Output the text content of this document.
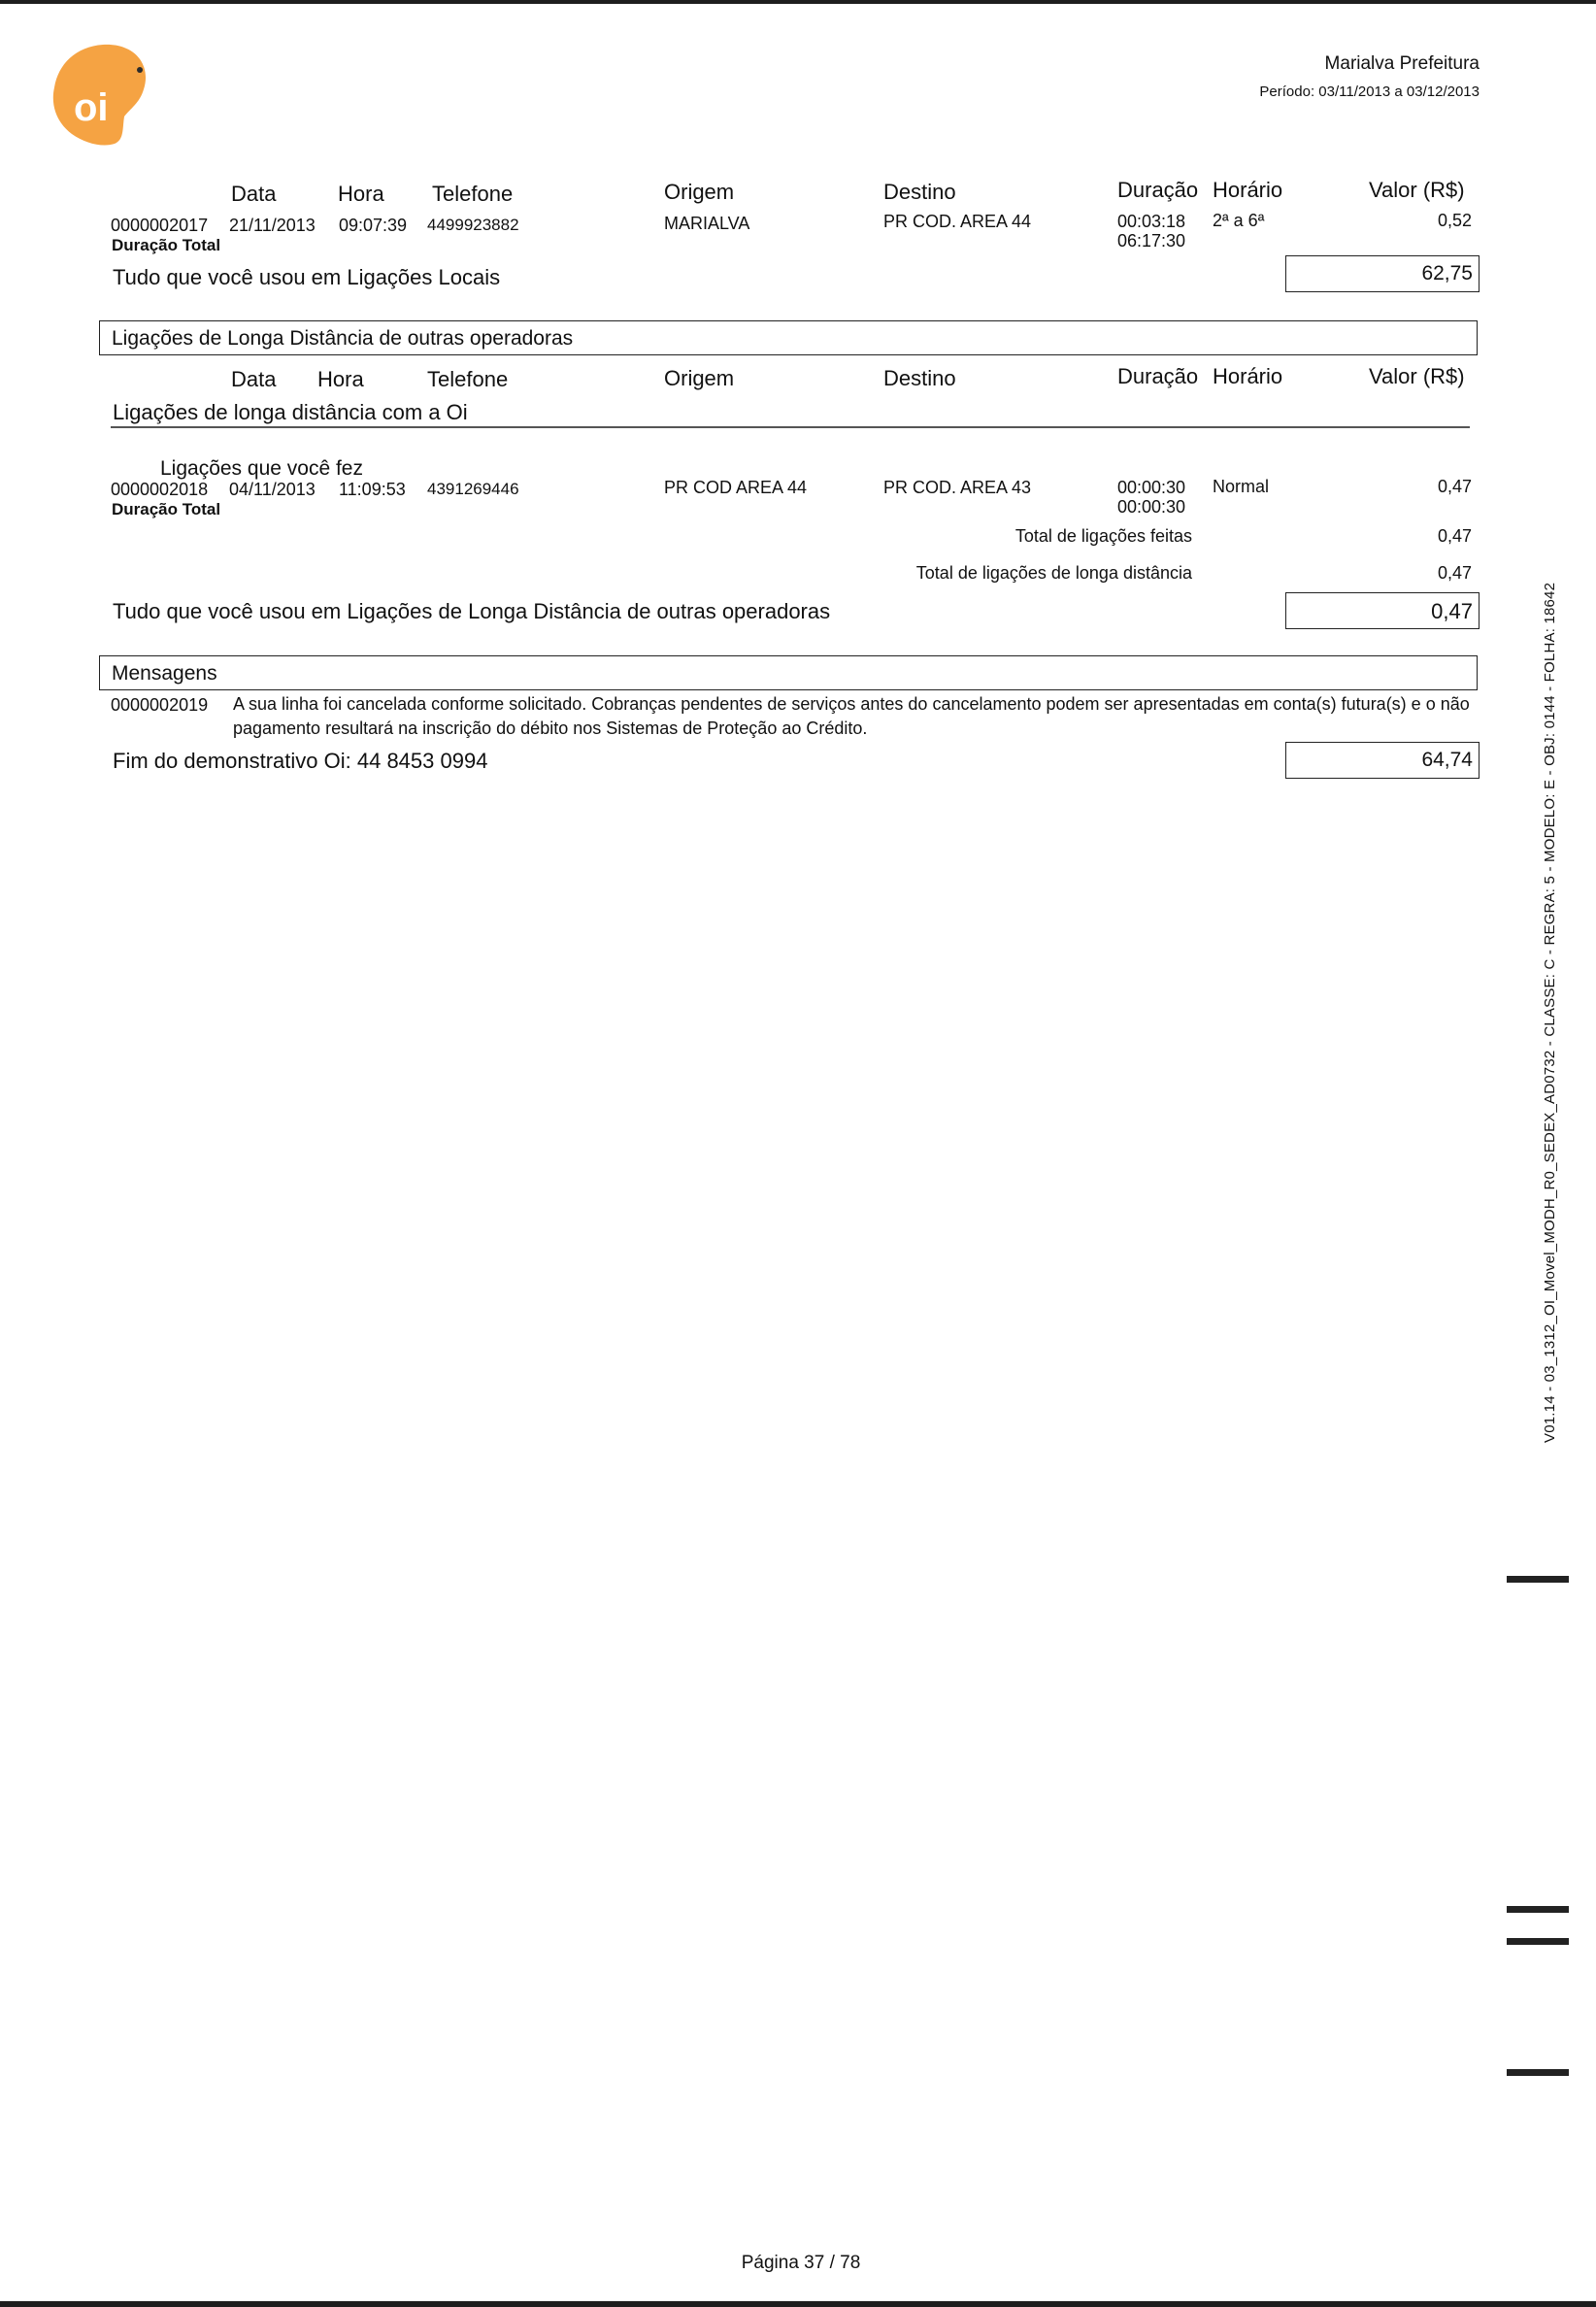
oi
Marialva Prefeitura
Período: 03/11/2013 a 03/12/2013
Data	Hora Telefone	Origem	Destino	Duração Horário	Valor (R$)
0000002017 21/11/2013 09:07:39 4499923882	MARIALVA	PR COD. AREA 44	00:03:18 2ª a 6ª	0,52
Duração Total	06:17:30
Tudo que você usou em Ligações Locais	62,75
Ligações de Longa Distância de outras operadoras
Data Hora	Telefone	Origem	Destino	Duração Horário	Valor (R$)
Ligações de longa distância com a Oi
Ligações que você fez
0000002018 04/11/2013 11:09:53 4391269446	PR COD AREA 44	PR COD. AREA 43	00:00:30 Normal	0,47
Duração Total	00:00:30
Total de ligações feitas	0,47
Total de ligações de longa distância	0,47
Tudo que você usou em Ligações de Longa Distância de outras operadoras	0,47
Mensagens
0000002019 A sua linha foi cancelada conforme solicitado. Cobranças pendentes de serviços antes do cancelamento podem ser apresentadas em conta(s) futura(s) e o não pagamento resultará na inscrição do débito nos Sistemas de Proteção ao Crédito.
Fim do demonstrativo Oi: 44 8453 0994	64,74	V01.14 - 03_1312_OI_Movel_MODH_R0_SEDEX_AD0732 - CLASSE: C - REGRA: 5 - MODELO: E - OBJ: 0144 - FOLHA: 18642
Página 37 / 78
